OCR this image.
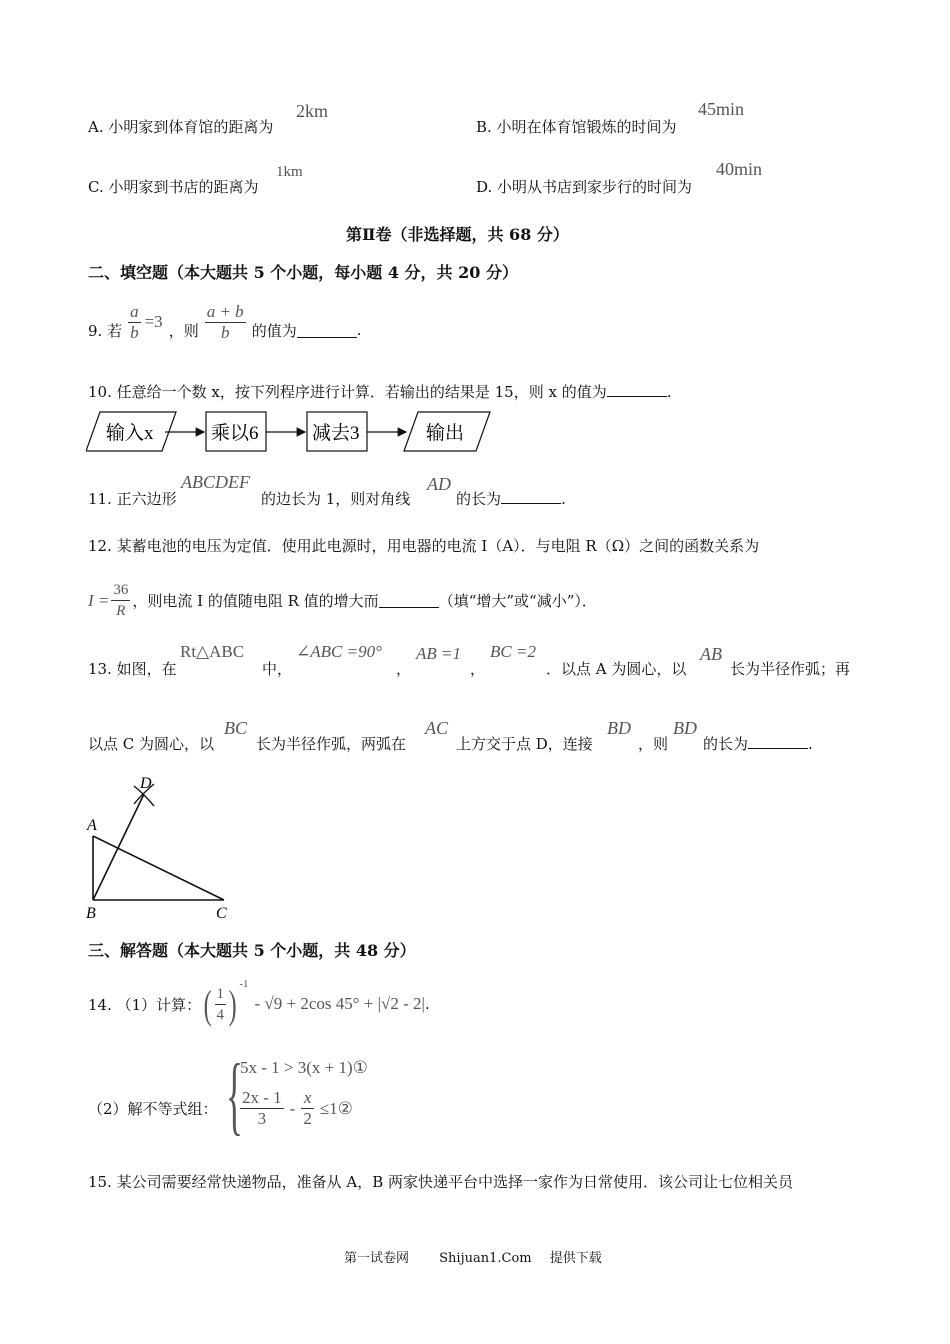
A. 小明家到体育馆的距离为
2km
B. 小明在体育馆锻炼的时间为
45min
C. 小明家到书店的距离为
1km
D. 小明从书店到家步行的时间为
40min
第Ⅱ卷（非选择题，共 68 分）
二、填空题（本大题共 5 个小题，每小题 4 分，共 20 分）
9. 若 $\frac{a}{b} =3$ ，则 $\frac{a + b}{b}$ 的值为	.
10. 任意给一个数 x，按下列程序进行计算．若输出的结果是 15，则 x 的值为	.
输入x	乘以6	减去3	输出
11. 正六边形
ABCDEF
的边长为 1，则对角线
AD
的长为	.
12. 某蓄电池的电压为定值．使用此电源时，用电器的电流 I（A）．与电阻 R（Ω）之间的函数关系为
$I = \frac{36}{R}$ ，则电流 I 的值随电阻 R 值的增大而	（填“增大”或“减小”）．
13. 如图，在
Rt△ABC
中，
∠ABC =90°
，
AB =1
，
BC =2
．以点 A 为圆心，以
AB
长为半径作弧；再
以点 C 为圆心，以
BC
长为半径作弧，两弧在
AC
上方交于点 D，连接
BD
，则
BD
的长为	.
D
A
B	C
三、解答题（本大题共 5 个小题，共 48 分）
14. （1）计算： ( $\frac{1}{4}$ ) -1
- √9 + 2cos 45° + |√2 - 2| .
（2）解不等式组： {
5x - 1 > 3(x + 1)①
$\frac{2x - 1}{3} - \frac{x}{2}$ ≤1②
15. 某公司需要经常快递物品，准备从 A，B 两家快递平台中选择一家作为日常使用．该公司让七位相关员
第一试卷网 Shijuan1.Com 提供下载
